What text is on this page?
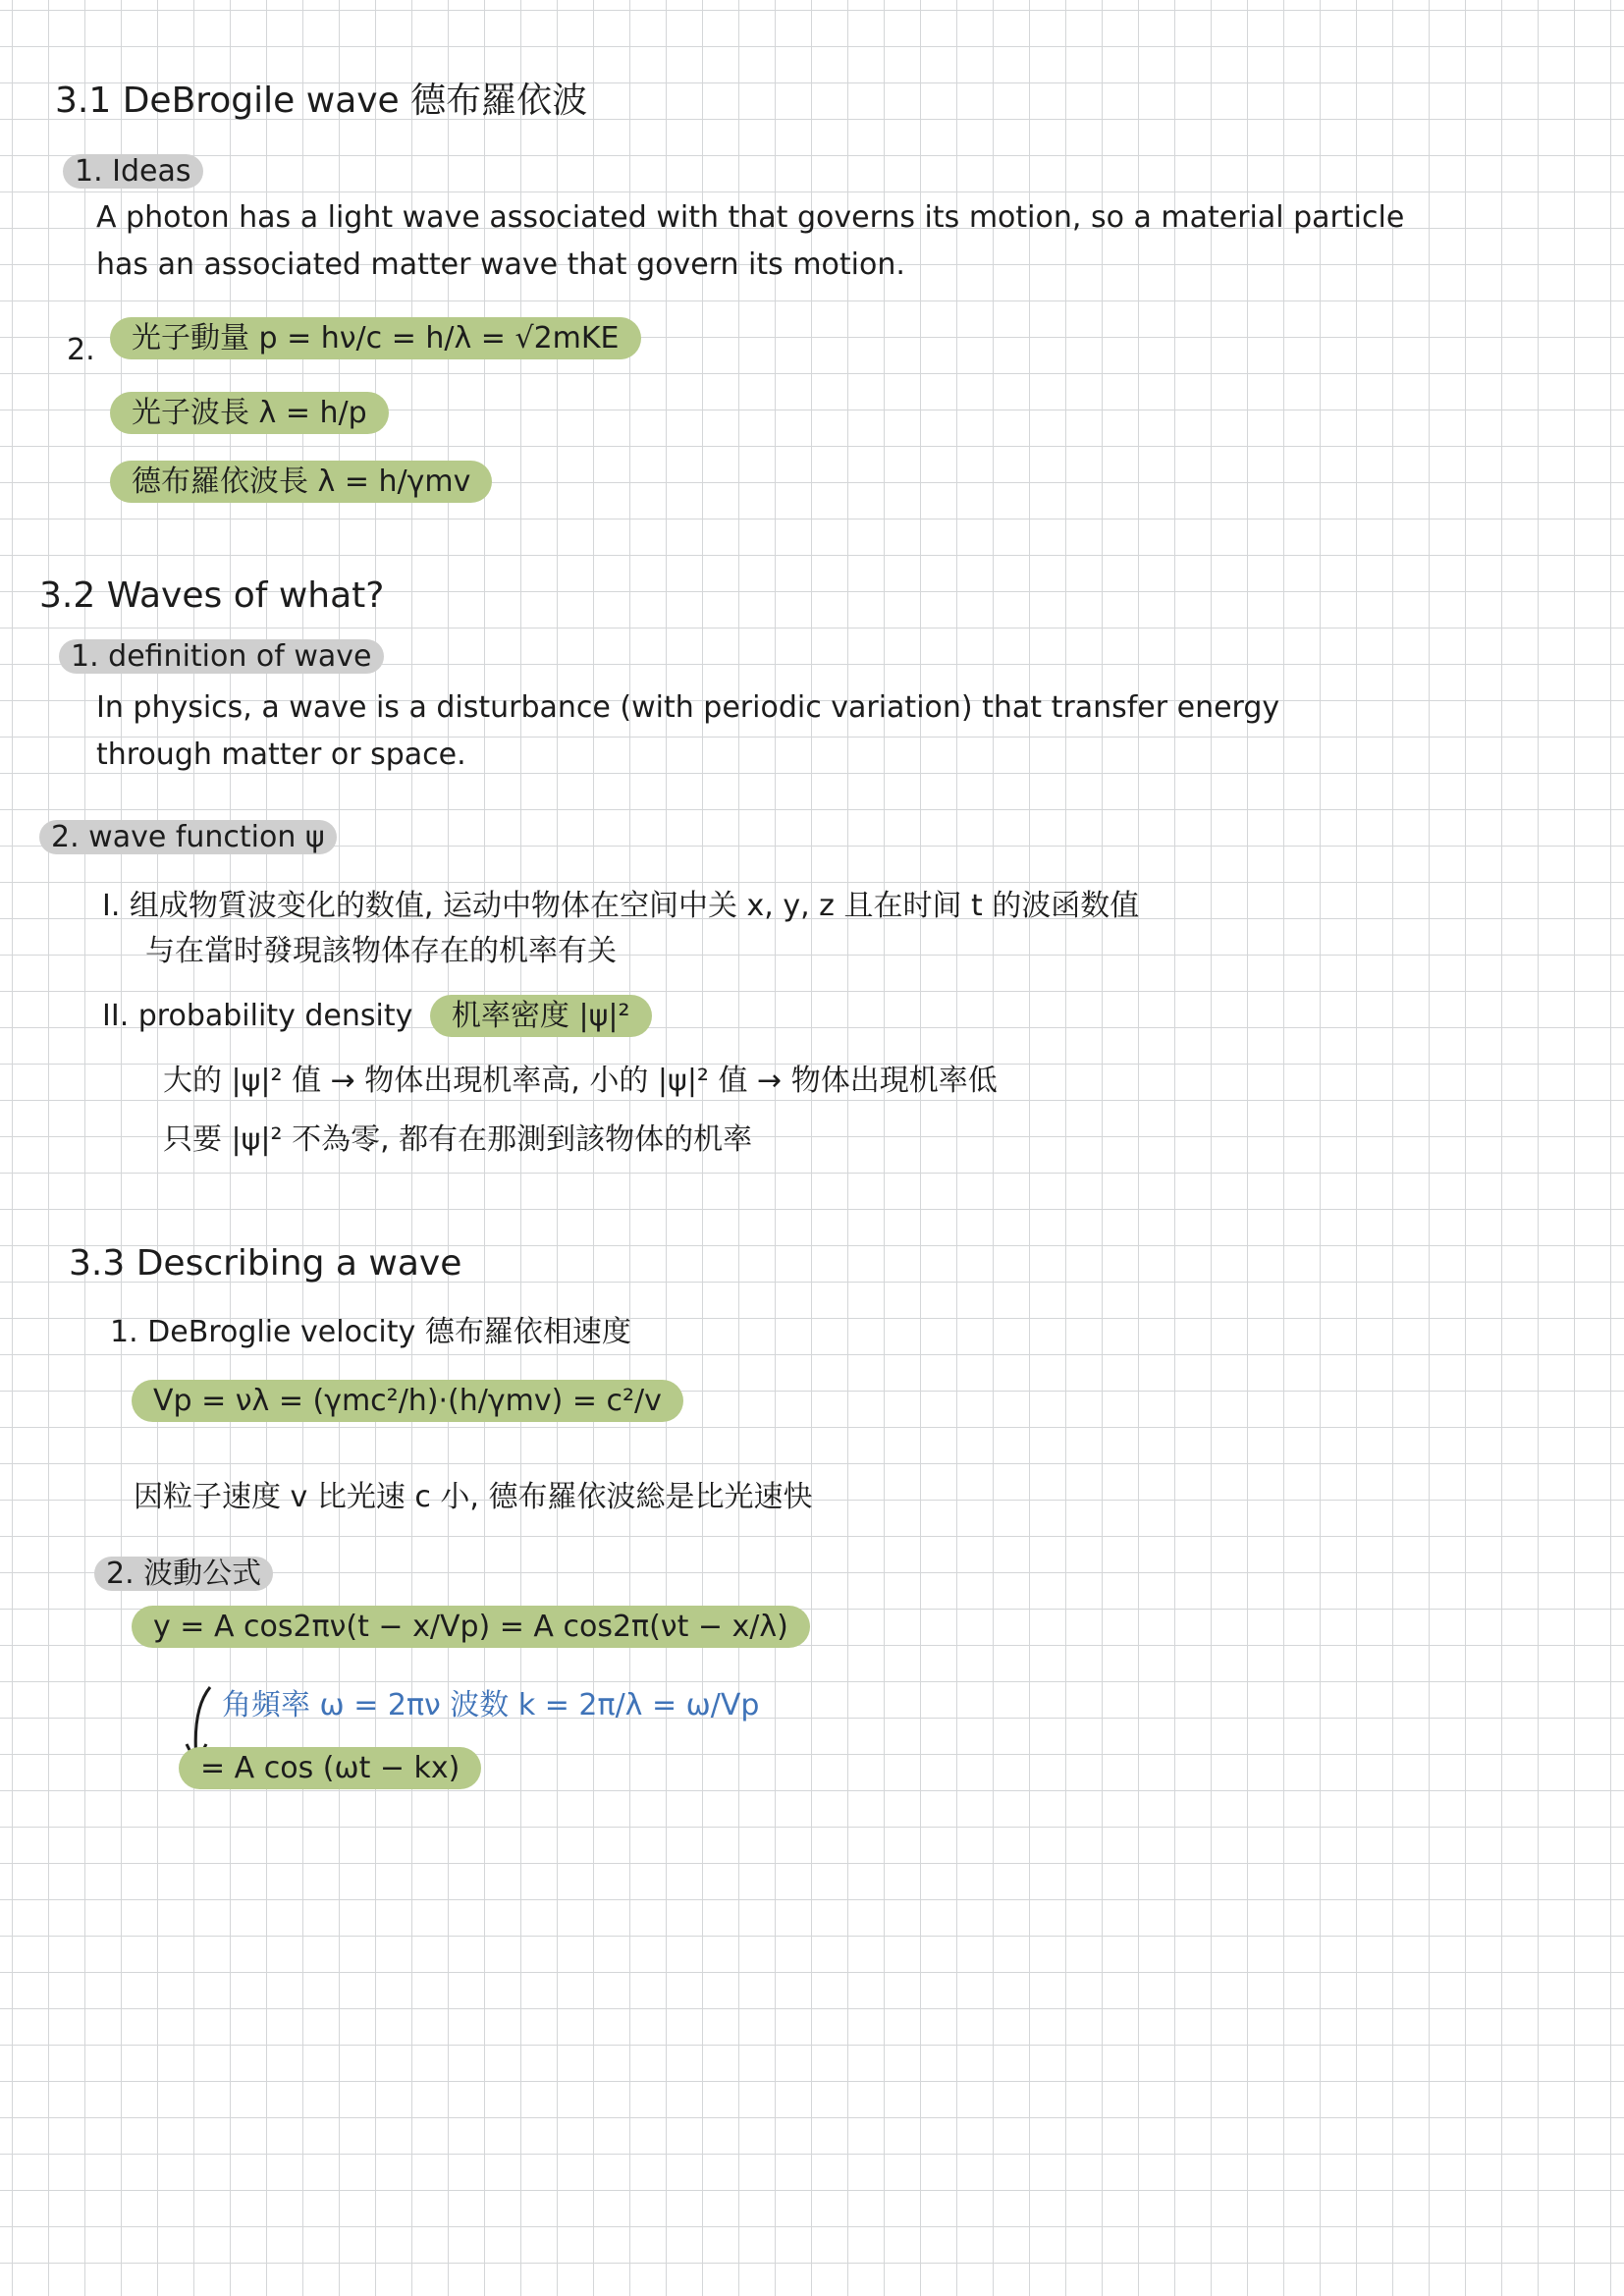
3.1 DeBrogile wave 德布羅依波
1. Ideas
A photon has a light wave associated with that governs its motion, so a material particle
has an associated matter wave that govern its motion.
2.	光子動量 p = hν/c = h/λ = √2mKE
光子波長 λ = h/p
德布羅依波長 λ = h/γmv
3.2 Waves of what?
1. definition of wave
In physics, a wave is a disturbance (with periodic variation) that transfer energy
through matter or space.
2. wave function ψ
I. 组成物質波变化的数值, 运动中物体在空间中关 x, y, z 且在时间 t 的波函数值
与在當时發現該物体存在的机率有关
II. probability density 机率密度 |ψ|²
大的 |ψ|² 值 → 物体出現机率高, 小的 |ψ|² 值 → 物体出現机率低
只要 |ψ|² 不為零, 都有在那測到該物体的机率
3.3 Describing a wave
1. DeBroglie velocity 德布羅依相速度
Vp = νλ = (γmc²/h)·(h/γmv) = c²/v
因粒子速度 v 比光速 c 小, 德布羅依波総是比光速快
2. 波動公式
y = A cos2πν(t − x/Vp) = A cos2π(νt − x/λ)
角頻率 ω = 2πν 波数 k = 2π/λ = ω/Vp
= A cos (ωt − kx)
